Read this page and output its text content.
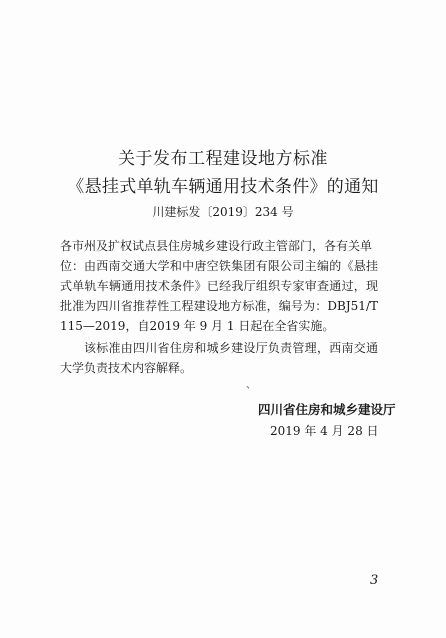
关于发布工程建设地方标准
《悬挂式单轨车辆通用技术条件》的通知
川建标发〔2019〕234 号
各市州及扩权试点县住房城乡建设行政主管部门，各有关单位： 由西南交通大学和中唐空铁集团有限公司主编的《悬挂式单轨车辆通用技术条件》已经我厅组织专家审查通过，现批准为四川省推荐性工程建设地方标准，编号为：DBJ51/T 115—2019，自2019 年 9 月 1 日起在全省实施。
该标准由四川省住房和城乡建设厅负责管理，西南交通大学负责技术内容解释。
、
四川省住房和城乡建设厅
2019 年 4 月 28 日
3
